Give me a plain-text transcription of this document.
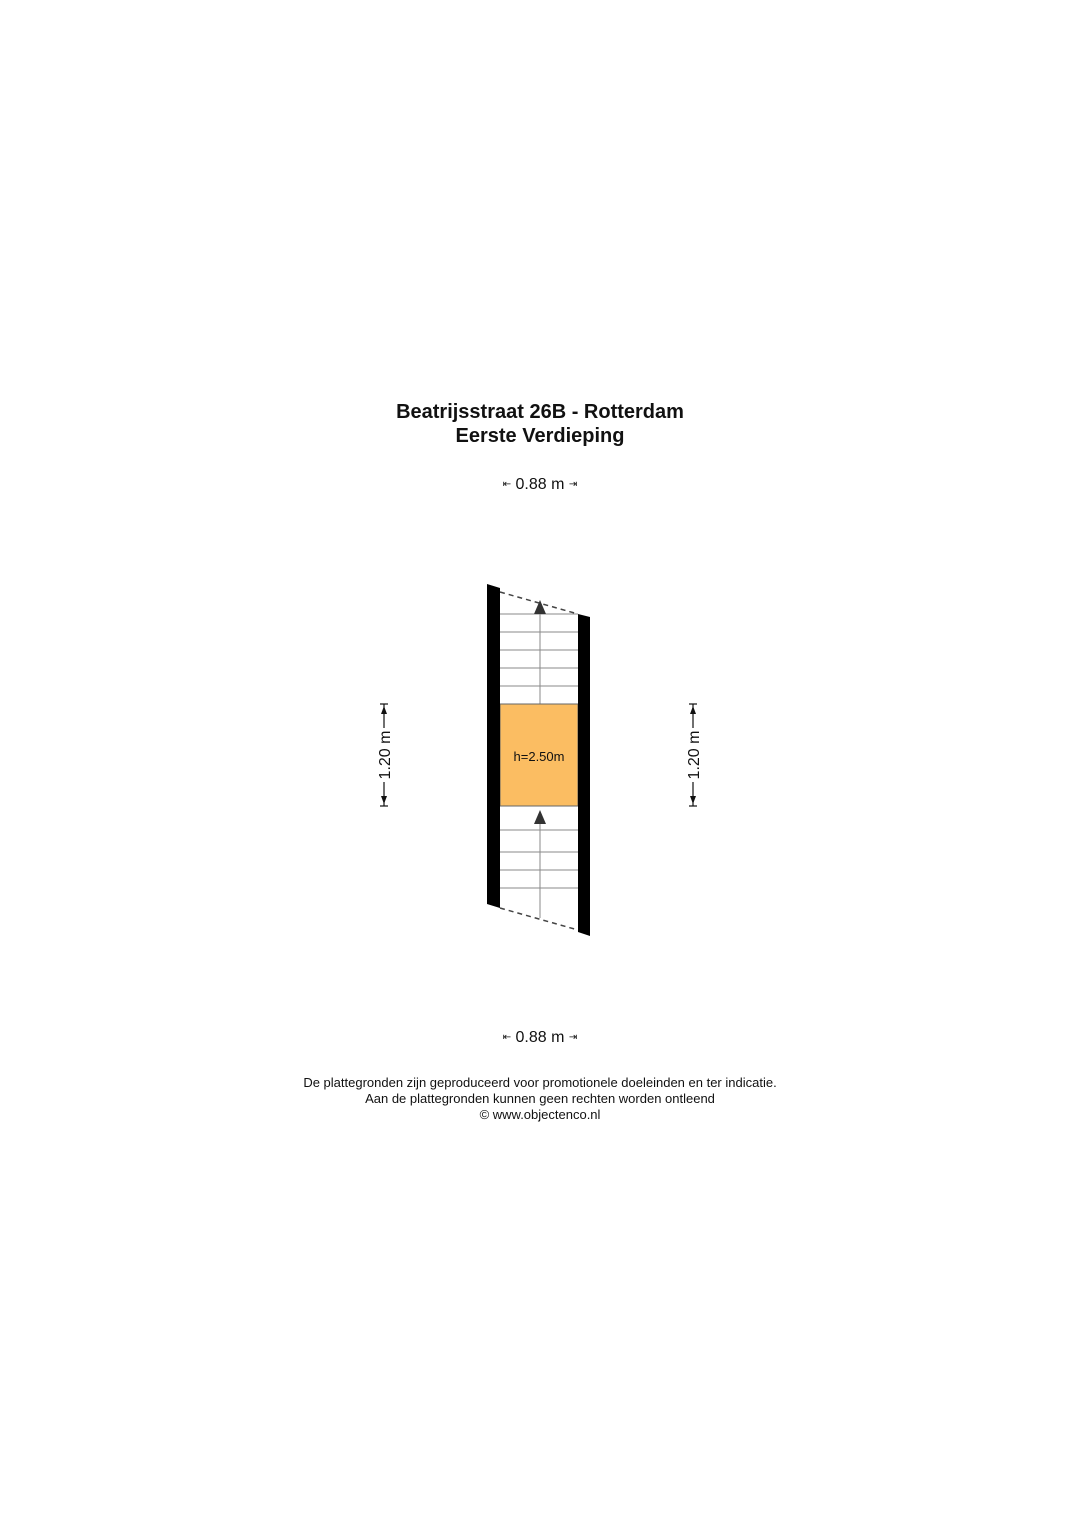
Beatrijsstraat 26B - Rotterdam
Eerste Verdieping
⇤ 0.88 m ⇥
h=2.50m
1.20 m	1.20 m
⇤ 0.88 m ⇥
De plattegronden zijn geproduceerd voor promotionele doeleinden en ter indicatie.
Aan de plattegronden kunnen geen rechten worden ontleend
© www.objectenco.nl
